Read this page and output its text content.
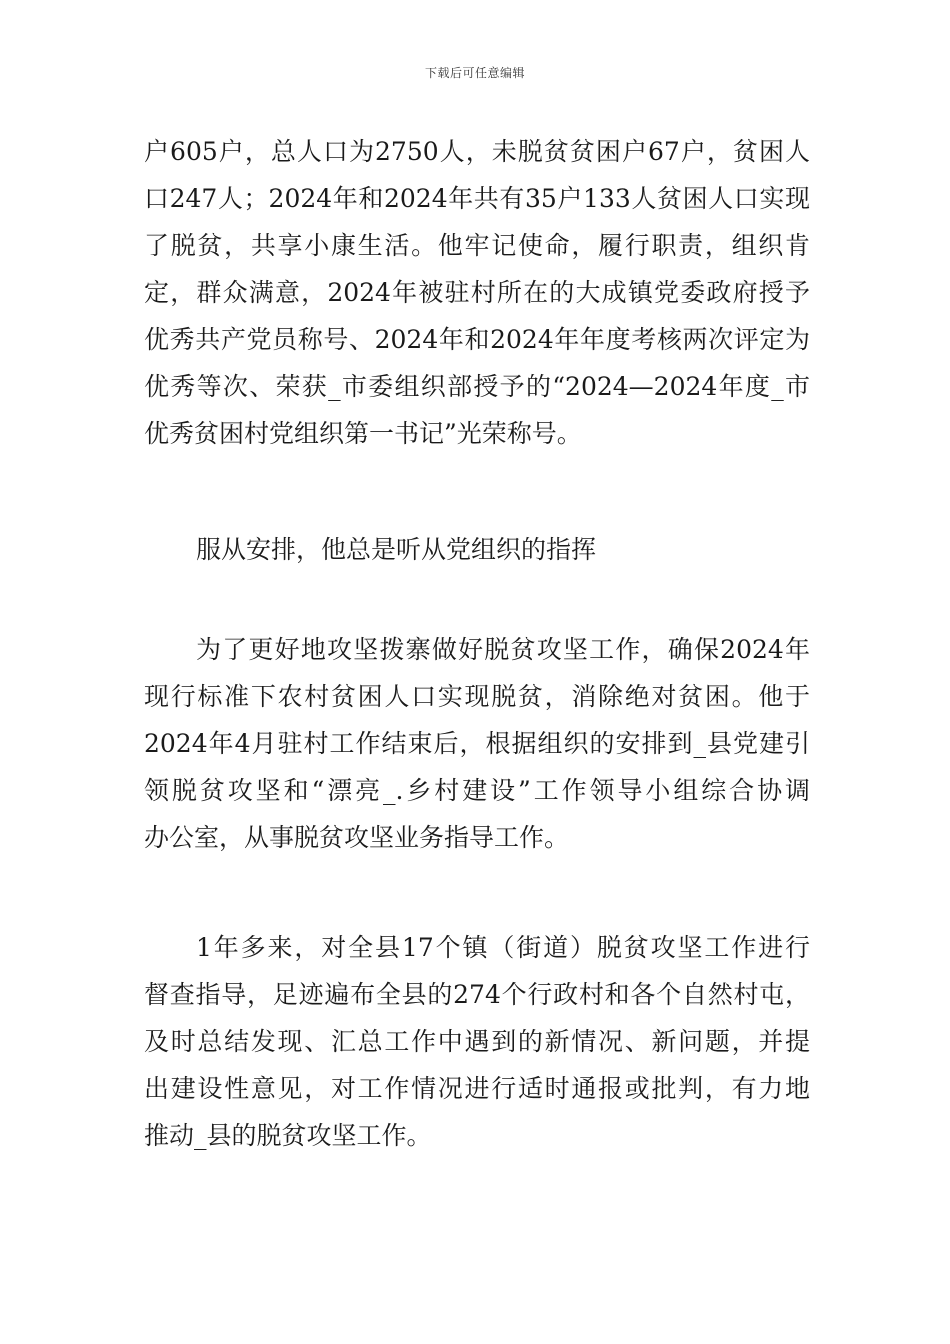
下载后可任意编辑
户605户，总人口为2750人，未脱贫贫困户67户，贫困人
口247人；2024年和2024年共有35户133人贫困人口实现
了脱贫，共享小康生活。他牢记使命，履行职责，组织肯
定，群众满意，2024年被驻村所在的大成镇党委政府授予
优秀共产党员称号、2024年和2024年年度考核两次评定为
优秀等次、荣获_市委组织部授予的“2024—2024年度_市
优秀贫困村党组织第一书记”光荣称号。
服从安排，他总是听从党组织的指挥
为了更好地攻坚拨寨做好脱贫攻坚工作，确保2024年
现行标准下农村贫困人口实现脱贫，消除绝对贫困。他于
2024年4月驻村工作结束后，根据组织的安排到_县党建引
领脱贫攻坚和“漂亮_.乡村建设”工作领导小组综合协调
办公室，从事脱贫攻坚业务指导工作。
1年多来，对全县17个镇（街道）脱贫攻坚工作进行
督查指导，足迹遍布全县的274个行政村和各个自然村屯，
及时总结发现、汇总工作中遇到的新情况、新问题，并提
出建设性意见，对工作情况进行适时通报或批判，有力地
推动_县的脱贫攻坚工作。
